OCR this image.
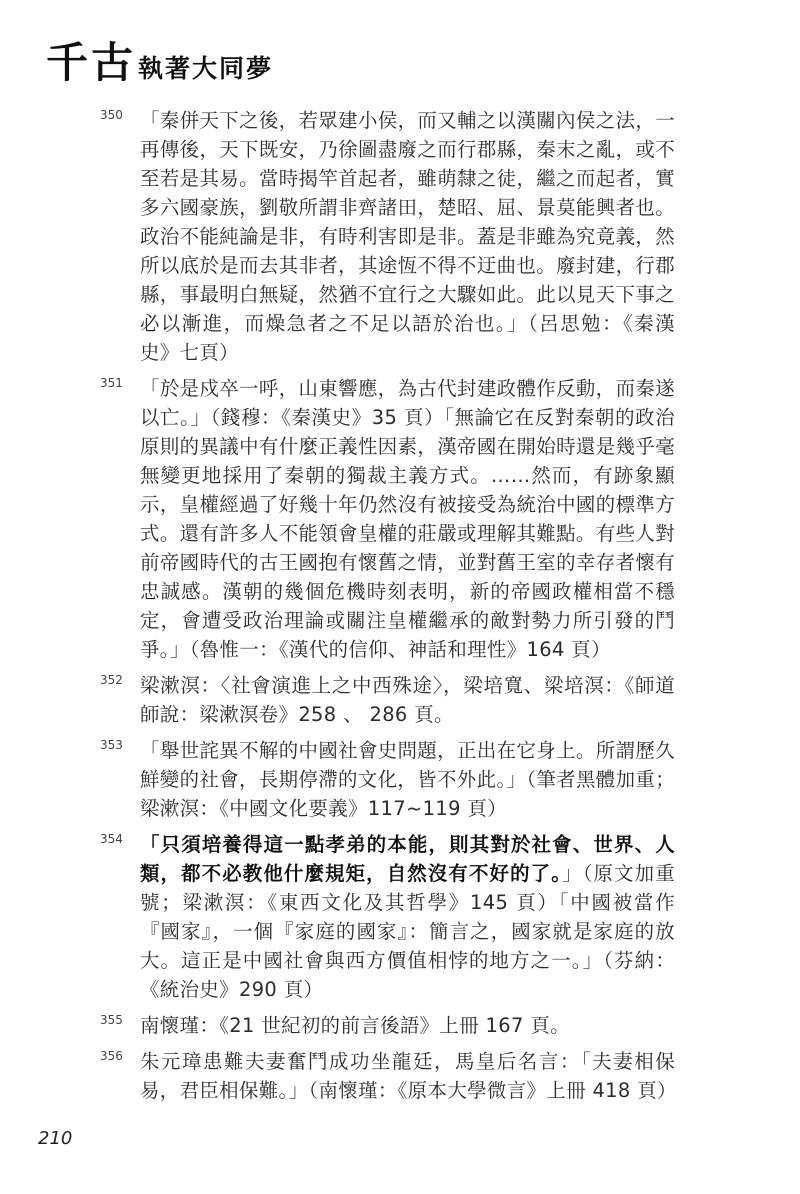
千古執著大同夢
350 「秦併天下之後，若眾建小侯，而又輔之以漢關內侯之法，一再傳後，天下既安，乃徐圖盡廢之而行郡縣，秦末之亂，或不至若是其易。當時揭竿首起者，雖萌隸之徒，繼之而起者，實多六國豪族，劉敬所謂非齊諸田，楚昭、屈、景莫能興者也。政治不能純論是非，有時利害即是非。蓋是非雖為究竟義，然所以底於是而去其非者，其途恆不得不迂曲也。廢封建，行郡縣，事最明白無疑，然猶不宜行之大驟如此。此以見天下事之必以漸進，而燥急者之不足以語於治也。」（呂思勉：《秦漢史》七頁）
351 「於是戍卒一呼，山東響應，為古代封建政體作反動，而秦遂以亡。」（錢穆：《秦漢史》35 頁）「無論它在反對秦朝的政治原則的異議中有什麼正義性因素，漢帝國在開始時還是幾乎毫無變更地採用了秦朝的獨裁主義方式。……然而，有跡象顯示，皇權經過了好幾十年仍然沒有被接受為統治中國的標準方式。還有許多人不能領會皇權的莊嚴或理解其難點。有些人對前帝國時代的古王國抱有懷舊之情，並對舊王室的幸存者懷有忠誠感。漢朝的幾個危機時刻表明，新的帝國政權相當不穩定，會遭受政治理論或關注皇權繼承的敵對勢力所引發的鬥爭。」（魯惟一：《漢代的信仰、神話和理性》164 頁）
352 梁漱溟：〈社會演進上之中西殊途〉，梁培寬、梁培溟：《師道師說：梁漱溟卷》258 、 286 頁。
353 「舉世詫異不解的中國社會史問題，正出在它身上。所謂歷久鮮變的社會，長期停滯的文化，皆不外此。」（筆者黑體加重；梁漱溟：《中國文化要義》117~119 頁）
354 「只須培養得這一點孝弟的本能，則其對於社會、世界、人類，都不必教他什麼規矩，自然沒有不好的了。」（原文加重號；梁漱溟：《東西文化及其哲學》145 頁）「中國被當作『國家』，一個『家庭的國家』：簡言之，國家就是家庭的放大。這正是中國社會與西方價值相悖的地方之一。」（芬納：《統治史》290 頁）
355 南懷瑾：《21 世紀初的前言後語》上冊 167 頁。
356 朱元璋患難夫妻奮鬥成功坐龍廷，馬皇后名言：「夫妻相保易，君臣相保難。」（南懷瑾：《原本大學微言》上冊 418 頁）
210
